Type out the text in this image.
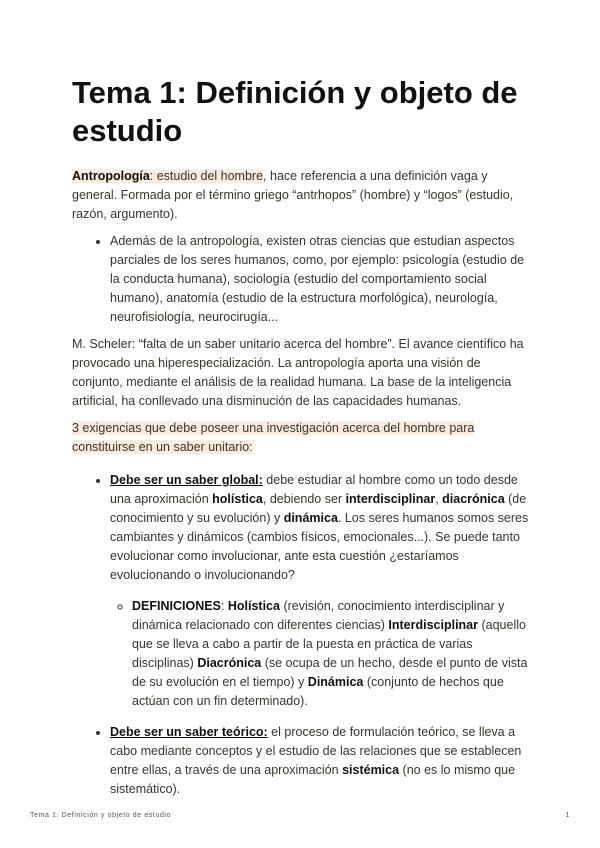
Tema 1: Definición y objeto de estudio

Antropología: estudio del hombre, hace referencia a una definición vaga y general. Formada por el término griego “antrhopos” (hombre) y “logos” (estudio, razón, argumento).

• Además de la antropología, existen otras ciencias que estudian aspectos parciales de los seres humanos, como, por ejemplo: psicología (estudio de la conducta humana), sociología (estudio del comportamiento social humano), anatomía (estudio de la estructura morfológica), neurología, neurofisiología, neurocirugía...

M. Scheler: “falta de un saber unitario acerca del hombre”. El avance científico ha provocado una hiperespecialización. La antropología aporta una visión de conjunto, mediante el análisis de la realidad humana. La base de la inteligencia artificial, ha conllevado una disminución de las capacidades humanas.

3 exigencias que debe poseer una investigación acerca del hombre para constituirse en un saber unitario:

• Debe ser un saber global: debe estudiar al hombre como un todo desde una aproximación holística, debiendo ser interdisciplinar, diacrónica (de conocimiento y su evolución) y dinámica. Los seres humanos somos seres cambiantes y dinámicos (cambios físicos, emocionales...). Se puede tanto evolucionar como involucionar, ante esta cuestión ¿estaríamos evolucionando o involucionando?
◦ DEFINICIONES: Holística (revisión, conocimiento interdisciplinar y dinámica relacionado con diferentes ciencias) Interdisciplinar (aquello que se lleva a cabo a partir de la puesta en práctica de varias disciplinas) Diacrónica (se ocupa de un hecho, desde el punto de vista de su evolución en el tiempo) y Dinámica (conjunto de hechos que actúan con un fin determinado).
• Debe ser un saber teórico: el proceso de formulación teórico, se lleva a cabo mediante conceptos y el estudio de las relaciones que se establecen entre ellas, a través de una aproximación sistémica (no es lo mismo que sistemático).
Tema 1: Definición y objeto de estudio	1
